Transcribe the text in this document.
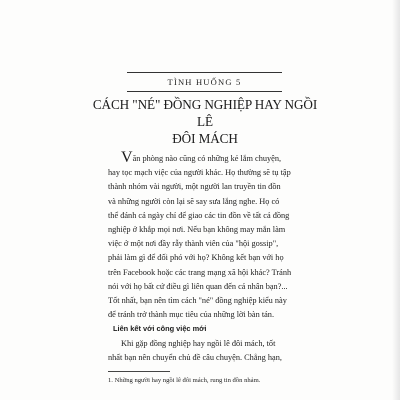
TÌNH HUỐNG 5
CÁCH "NÉ" ĐỒNG NGHIỆP HAY NGỒI LÊ
ĐÔI MÁCH

Văn phòng nào cũng có những kẻ lắm chuyện,
hay tọc mạch việc của người khác. Họ thường sẽ tụ tập
thành nhóm vài người, một người lan truyền tin đồn
và những người còn lại sẽ say sưa lắng nghe. Họ có
thể đánh cả ngày chỉ để giao các tin đồn về tất cả đồng
nghiệp ở khắp mọi nơi. Nếu bạn không may mắn làm
việc ở một nơi đầy rẫy thành viên của "hội gossip",
phải làm gì để đối phó với họ? Không kết bạn với họ
trên Facebook hoặc các trang mạng xã hội khác? Tránh
nói với họ bất cứ điều gì liên quan đến cá nhân bạn?...
Tốt nhất, bạn nên tìm cách "né" đồng nghiệp kiểu này
để tránh trở thành mục tiêu của những lời bàn tán.

Liên kết với công việc mới
Khi gặp đồng nghiệp hay ngồi lê đôi mách, tốt
nhất bạn nên chuyển chủ đề câu chuyện. Chẳng hạn,
1. Những người hay ngồi lê đôi mách, rung tin đồn nhảm.
